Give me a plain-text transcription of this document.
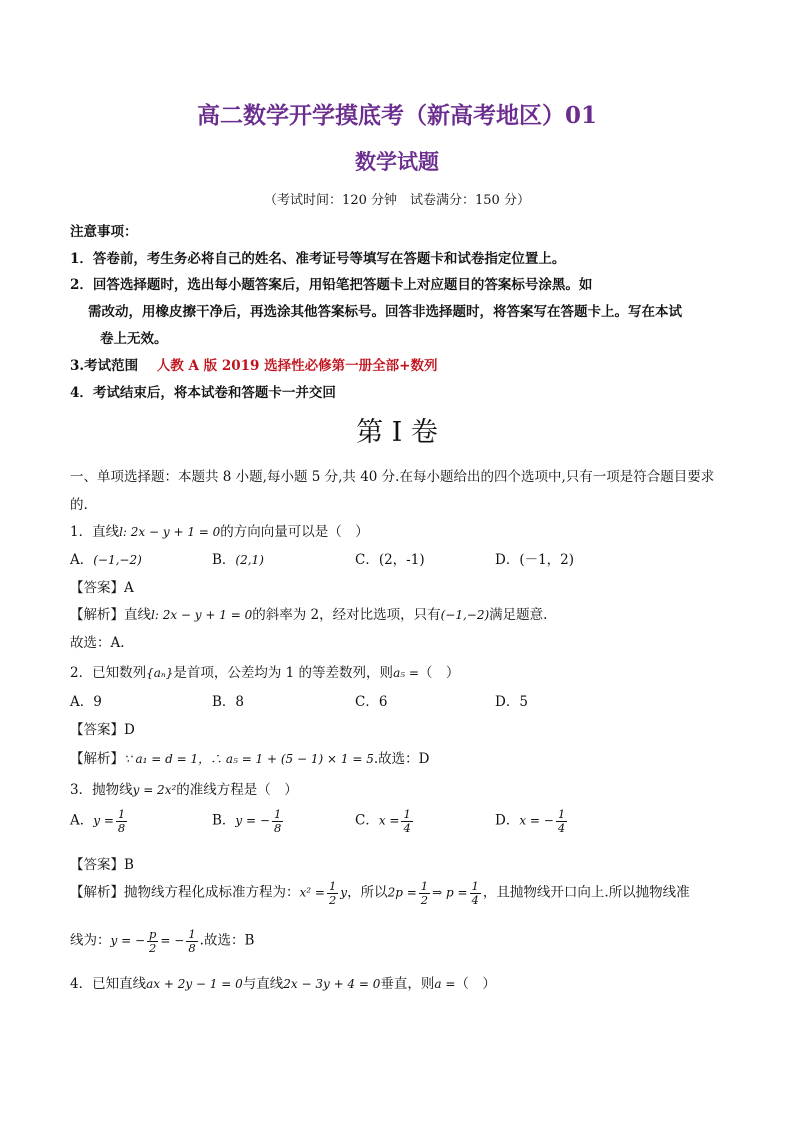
高二数学开学摸底考（新高考地区）01
数学试题
（考试时间：120 分钟　试卷满分：150 分）
注意事项：
1．答卷前，考生务必将自己的姓名、准考证号等填写在答题卡和试卷指定位置上。
2．回答选择题时，选出每小题答案后，用铅笔把答题卡上对应题目的答案标号涂黑。如
需改动，用橡皮擦干净后，再选涂其他答案标号。回答非选择题时，将答案写在答题卡上。写在本试
卷上无效。
3.考试范围 人教 A 版 2019 选择性必修第一册全部+数列
4．考试结束后，将本试卷和答题卡一并交回
第 I 卷
一、单项选择题：本题共 8 小题,每小题 5 分,共 40 分.在每小题给出的四个选项中,只有一项是符合题目要求
的.
1．直线l: 2x − y + 1 = 0的方向向量可以是（　）
A．(−1,−2)	B．(2,1)	C．(2，-1)	D．(－1，2)
【答案】A
【解析】直线l: 2x − y + 1 = 0的斜率为 2，经对比选项，只有(−1,−2)满足题意.
故选：A.
2．已知数列{aₙ}是首项，公差均为 1 的等差数列，则a₅ =（　）
A．9	B．8	C．6	D．5
【答案】D
【解析】∵ a₁ = d = 1，∴ a₅ = 1 + (5 − 1) × 1 = 5.故选：D
3．抛物线y = 2x²的准线方程是（　）
A．$y = \frac{1}{8}$	B．y = − $\frac{1}{8}$	C．$x = \frac{1}{4}$	D．x = − $\frac{1}{4}$
【答案】B
【解析】抛物线方程化成标准方程为：$x^2 = \frac{1}{2}$ y，所以$2p = \frac{1}{2}$ ⇒ $p = \frac{1}{4}$ ，且抛物线开口向上.所以抛物线准
线为：y = − $\frac{p}{2}$ = − $\frac{1}{8}$ .故选：B
4．已知直线ax + 2y − 1 = 0与直线2x − 3y + 4 = 0垂直，则a =（　）
